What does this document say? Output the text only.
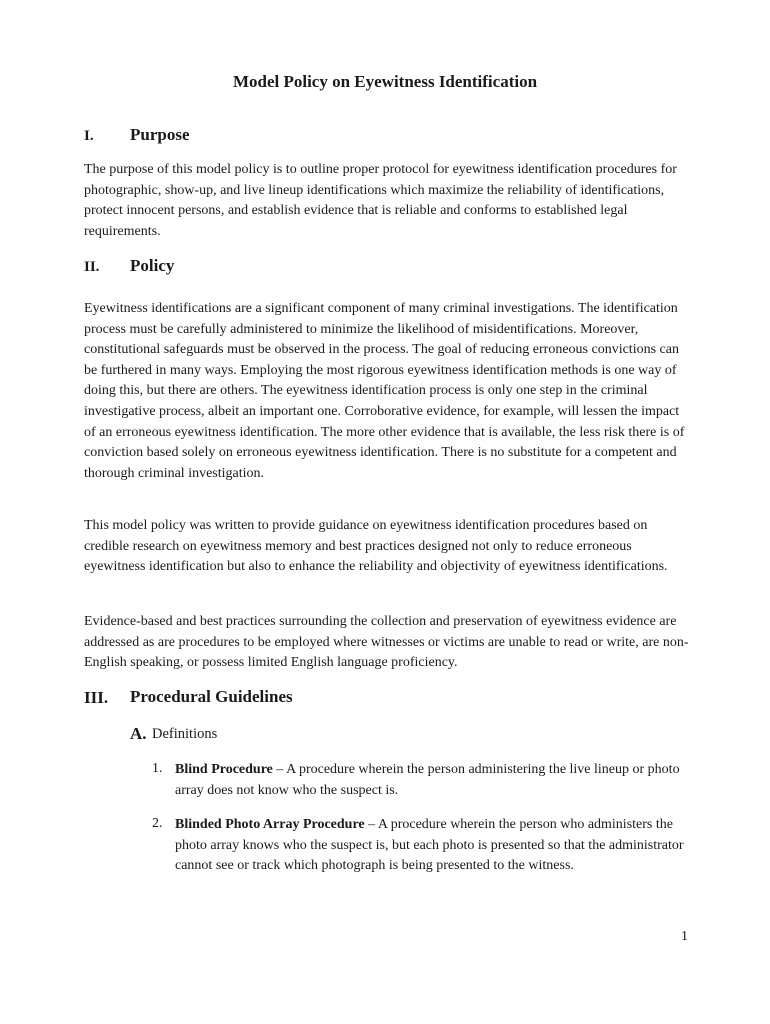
Model Policy on Eyewitness Identification
I. Purpose

The purpose of this model policy is to outline proper protocol for eyewitness identification procedures for photographic, show-up, and live lineup identifications which maximize the reliability of identifications, protect innocent persons, and establish evidence that is reliable and conforms to established legal requirements.

II. Policy

Eyewitness identifications are a significant component of many criminal investigations. The identification process must be carefully administered to minimize the likelihood of misidentifications. Moreover, constitutional safeguards must be observed in the process. The goal of reducing erroneous convictions can be furthered in many ways. Employing the most rigorous eyewitness identification methods is one way of doing this, but there are others. The eyewitness identification process is only one step in the criminal investigative process, albeit an important one. Corroborative evidence, for example, will lessen the impact of an erroneous eyewitness identification. The more other evidence that is available, the less risk there is of conviction based solely on erroneous eyewitness identification. There is no substitute for a competent and thorough criminal investigation.

This model policy was written to provide guidance on eyewitness identification procedures based on credible research on eyewitness memory and best practices designed not only to reduce erroneous eyewitness identification but also to enhance the reliability and objectivity of eyewitness identifications.

Evidence-based and best practices surrounding the collection and preservation of eyewitness evidence are addressed as are procedures to be employed where witnesses or victims are unable to read or write, are non-English speaking, or possess limited English language proficiency.

III. Procedural Guidelines
A. Definitions
1. Blind Procedure – A procedure wherein the person administering the live lineup or photo array does not know who the suspect is.

2. Blinded Photo Array Procedure – A procedure wherein the person who administers the photo array knows who the suspect is, but each photo is presented so that the administrator cannot see or track which photograph is being presented to the witness.

1
